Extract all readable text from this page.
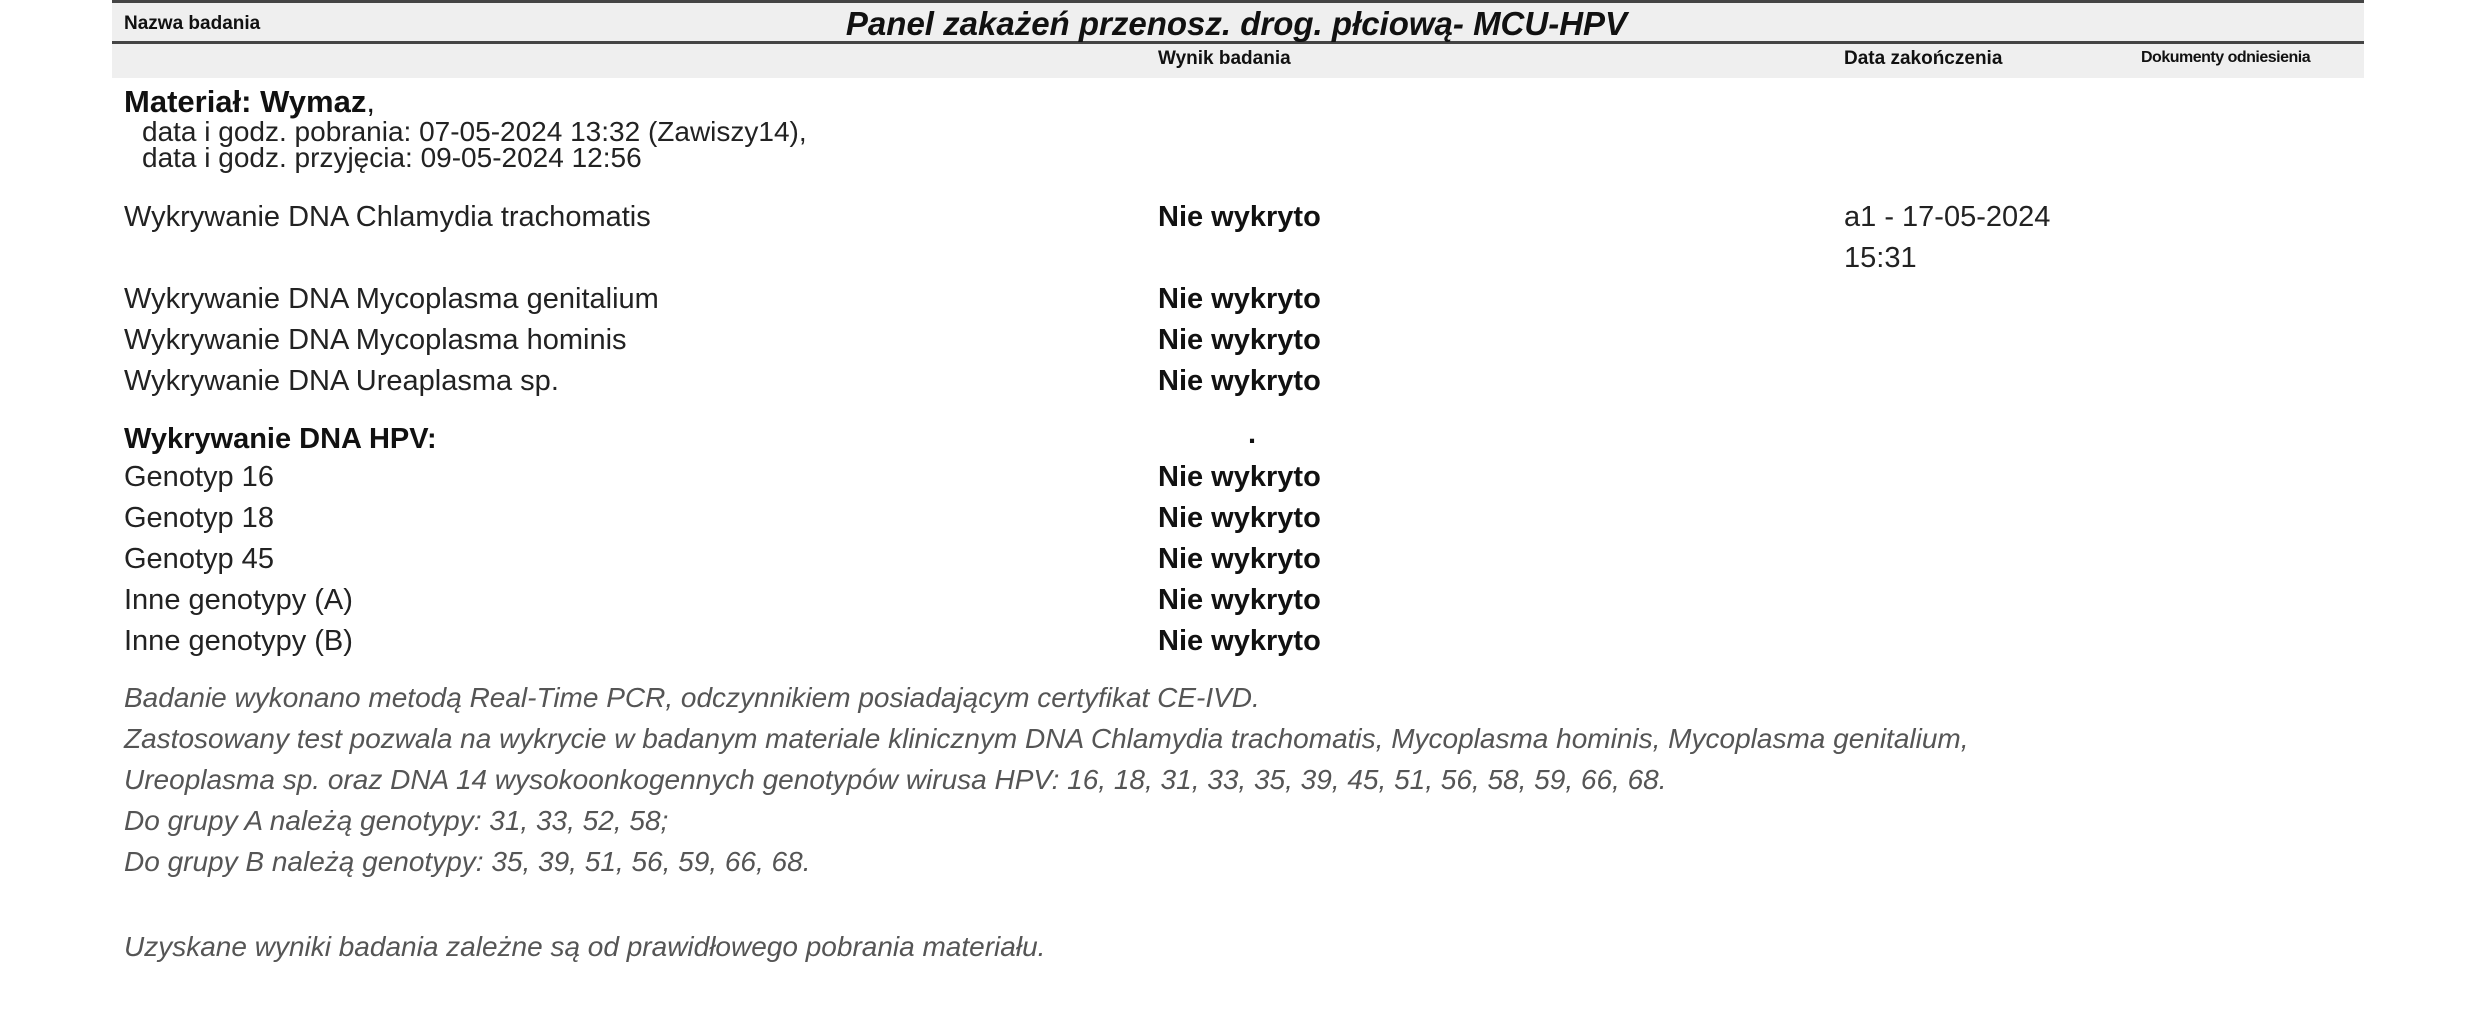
Nazwa badania	Panel zakażeń przenosz. drog. płciową- MCU-HPV
Wynik badania	Data zakończenia	Dokumenty odniesienia
Materiał: Wymaz,
data i godz. pobrania: 07-05-2024 13:32 (Zawiszy14),
data i godz. przyjęcia: 09-05-2024 12:56
Wykrywanie DNA Chlamydia trachomatis	Nie wykryto	a1 - 17-05-2024
15:31
Wykrywanie DNA Mycoplasma genitalium	Nie wykryto
Wykrywanie DNA Mycoplasma hominis	Nie wykryto
Wykrywanie DNA Ureaplasma sp.	Nie wykryto
Wykrywanie DNA HPV:	.
Genotyp 16	Nie wykryto
Genotyp 18	Nie wykryto
Genotyp 45	Nie wykryto
Inne genotypy (A)	Nie wykryto
Inne genotypy (B)	Nie wykryto
Badanie wykonano metodą Real-Time PCR, odczynnikiem posiadającym certyfikat CE-IVD.
Zastosowany test pozwala na wykrycie w badanym materiale klinicznym DNA Chlamydia trachomatis, Mycoplasma hominis, Mycoplasma genitalium,
Ureoplasma sp. oraz DNA 14 wysokoonkogennych genotypów wirusa HPV: 16, 18, 31, 33, 35, 39, 45, 51, 56, 58, 59, 66, 68.
Do grupy A należą genotypy: 31, 33, 52, 58;
Do grupy B należą genotypy: 35, 39, 51, 56, 59, 66, 68.
Uzyskane wyniki badania zależne są od prawidłowego pobrania materiału.
